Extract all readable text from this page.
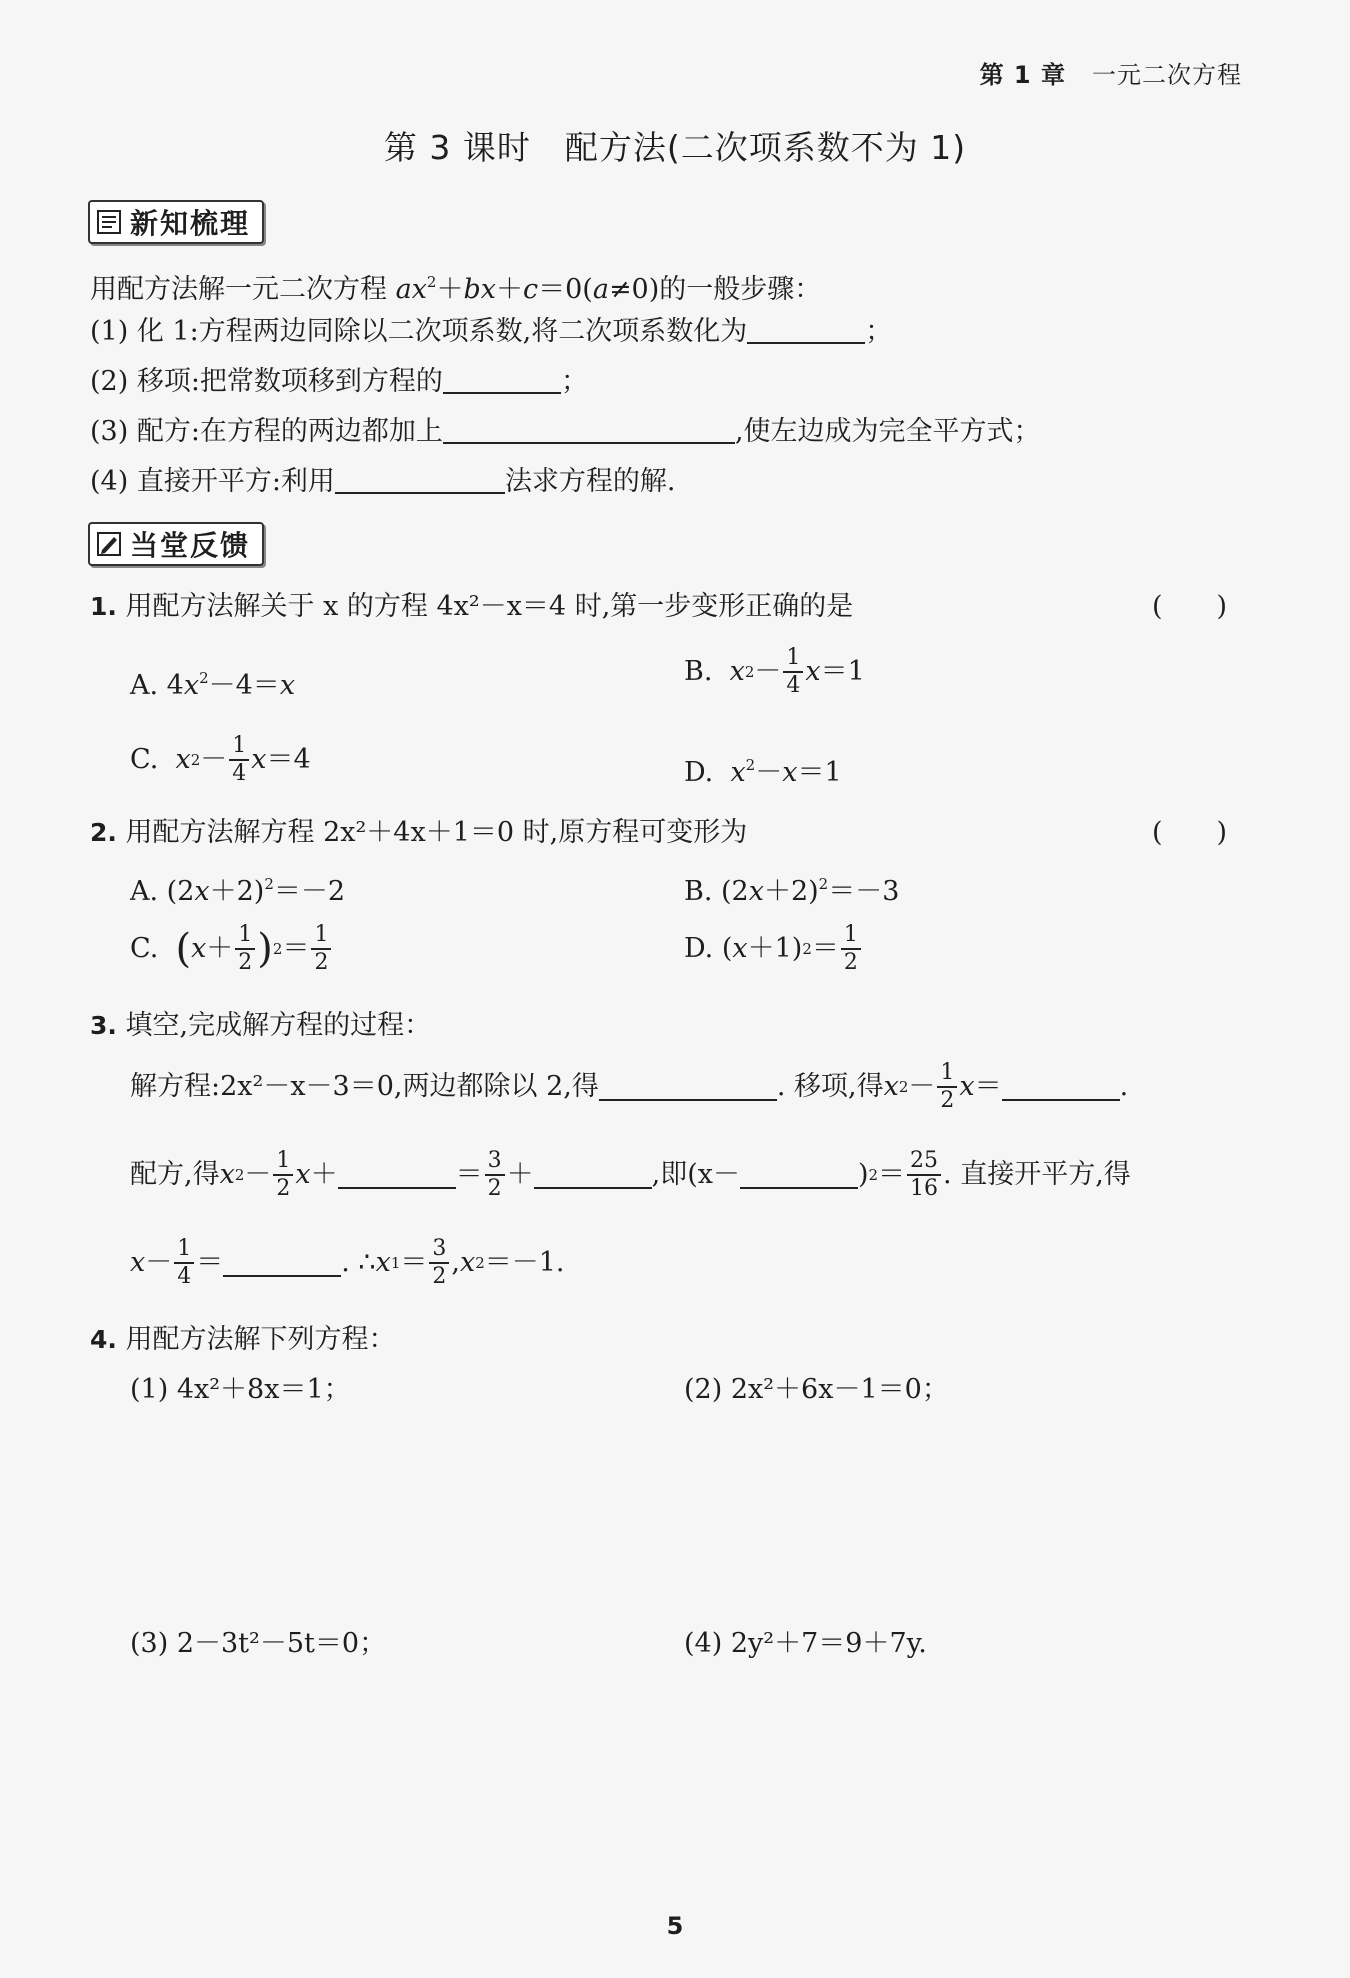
第 1 章 一元二次方程
第 3 课时　配方法(二次项系数不为 1)
新知梳理
用配方法解一元二次方程 $ax^2+bx+c=0(a\ne 0)$的一般步骤：
(1) 化 1:方程两边同除以二次项系数,将二次项系数化为	；
(2) 移项:把常数项移到方程的	；
(3) 配方:在方程的两边都加上	,使左边成为完全平方式；
(4) 直接开平方:利用	法求方程的解.
当堂反馈
1. 用配方法解关于 x 的方程 4x²－x＝4 时,第一步变形正确的是	(　　)
A. $4x^2-4=x$	B. x $2 - \frac{1}{4}$ x ＝1
C. x $2 - \frac{1}{4}$ x ＝4	D.  $x^2-x=1$
2. 用配方法解方程 2x²＋4x＋1＝0 时,原方程可变形为	(　　)
A. $(2x+2)^2=-2$	B. $(2x+2)^2=-3$
C. ( $x + \frac{1}{2}$ ) $2 = \frac{1}{2}$	D. ( x ＋1) $2 = \frac{1}{2}$
3. 填空,完成解方程的过程：
解方程:2x²－x－3＝0,两边都除以 2,得	. 移项,得 x $2 - \frac{1}{2}$ x ＝	.
配方,得 x $2 - \frac{1}{2}$ x ＋	＝ $\frac{3}{2}$ ＋	,即(x－	) $2 = \frac{25}{16}$ . 直接开平方,得
$x - \frac{1}{4}$ ＝	. ∴ x $1 = \frac{3}{2}$ , x 2 ＝－1.
4. 用配方法解下列方程：
(1) 4x²＋8x＝1；	(2) 2x²＋6x－1＝0；
(3) 2－3t²－5t＝0；	(4) 2y²＋7＝9＋7y.
5
